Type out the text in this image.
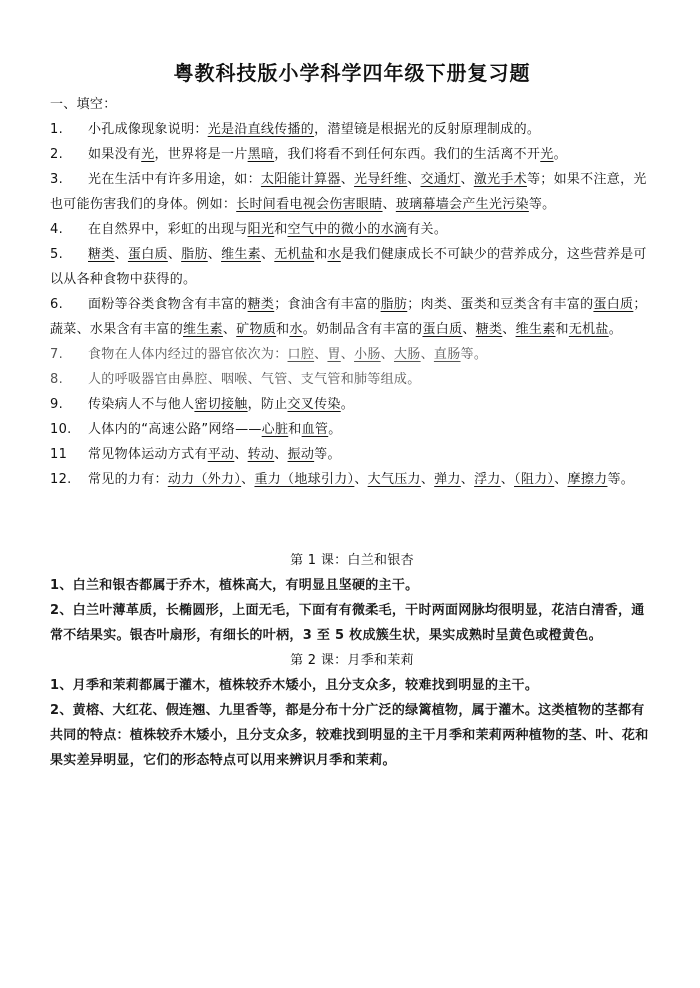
粤教科技版小学科学四年级下册复习题

一、填空：

1. 小孔成像现象说明：光是沿直线传播的，潜望镜是根据光的反射原理制成的。

2. 如果没有光，世界将是一片黑暗，我们将看不到任何东西。我们的生活离不开光。

3. 光在生活中有许多用途，如：太阳能计算器、光导纤维、交通灯、激光手术等；如果不注意，光也可能伤害我们的身体。例如：长时间看电视会伤害眼睛、玻璃幕墙会产生光污染等。

4. 在自然界中，彩虹的出现与阳光和空气中的微小的水滴有关。

5. 糖类、蛋白质、脂肪、维生素、无机盐和水是我们健康成长不可缺少的营养成分，这些营养是可以从各种食物中获得的。

6. 面粉等谷类食物含有丰富的糖类；食油含有丰富的脂肪；肉类、蛋类和豆类含有丰富的蛋白质；蔬菜、水果含有丰富的维生素、矿物质和水。奶制品含有丰富的蛋白质、糖类、维生素和无机盐。

7. 食物在人体内经过的器官依次为：口腔、胃、小肠、大肠、直肠等。

8. 人的呼吸器官由鼻腔、咽喉、气管、支气管和肺等组成。

9. 传染病人不与他人密切接触，防止交叉传染。

10. 人体内的“高速公路”网络——心脏和血管。

11 常见物体运动方式有平动、转动、振动等。

12. 常见的力有：动力（外力）、重力（地球引力）、大气压力、弹力、浮力、（阻力）、摩擦力等。

第 1 课：白兰和银杏

1、白兰和银杏都属于乔木，植株高大，有明显且坚硬的主干。

2、白兰叶薄革质，长椭圆形，上面无毛，下面有有微柔毛，干时两面网脉均很明显，花洁白清香，通常不结果实。银杏叶扇形，有细长的叶柄，3 至 5 枚成簇生状，果实成熟时呈黄色或橙黄色。

第 2 课：月季和茉莉

1、月季和茉莉都属于灌木，植株较乔木矮小，且分支众多，较难找到明显的主干。

2、黄榕、大红花、假连翘、九里香等，都是分布十分广泛的绿篱植物，属于灌木。这类植物的茎都有共同的特点：植株较乔木矮小，且分支众多，较难找到明显的主干月季和茉莉两种植物的茎、叶、花和果实差异明显，它们的形态特点可以用来辨识月季和茉莉。
